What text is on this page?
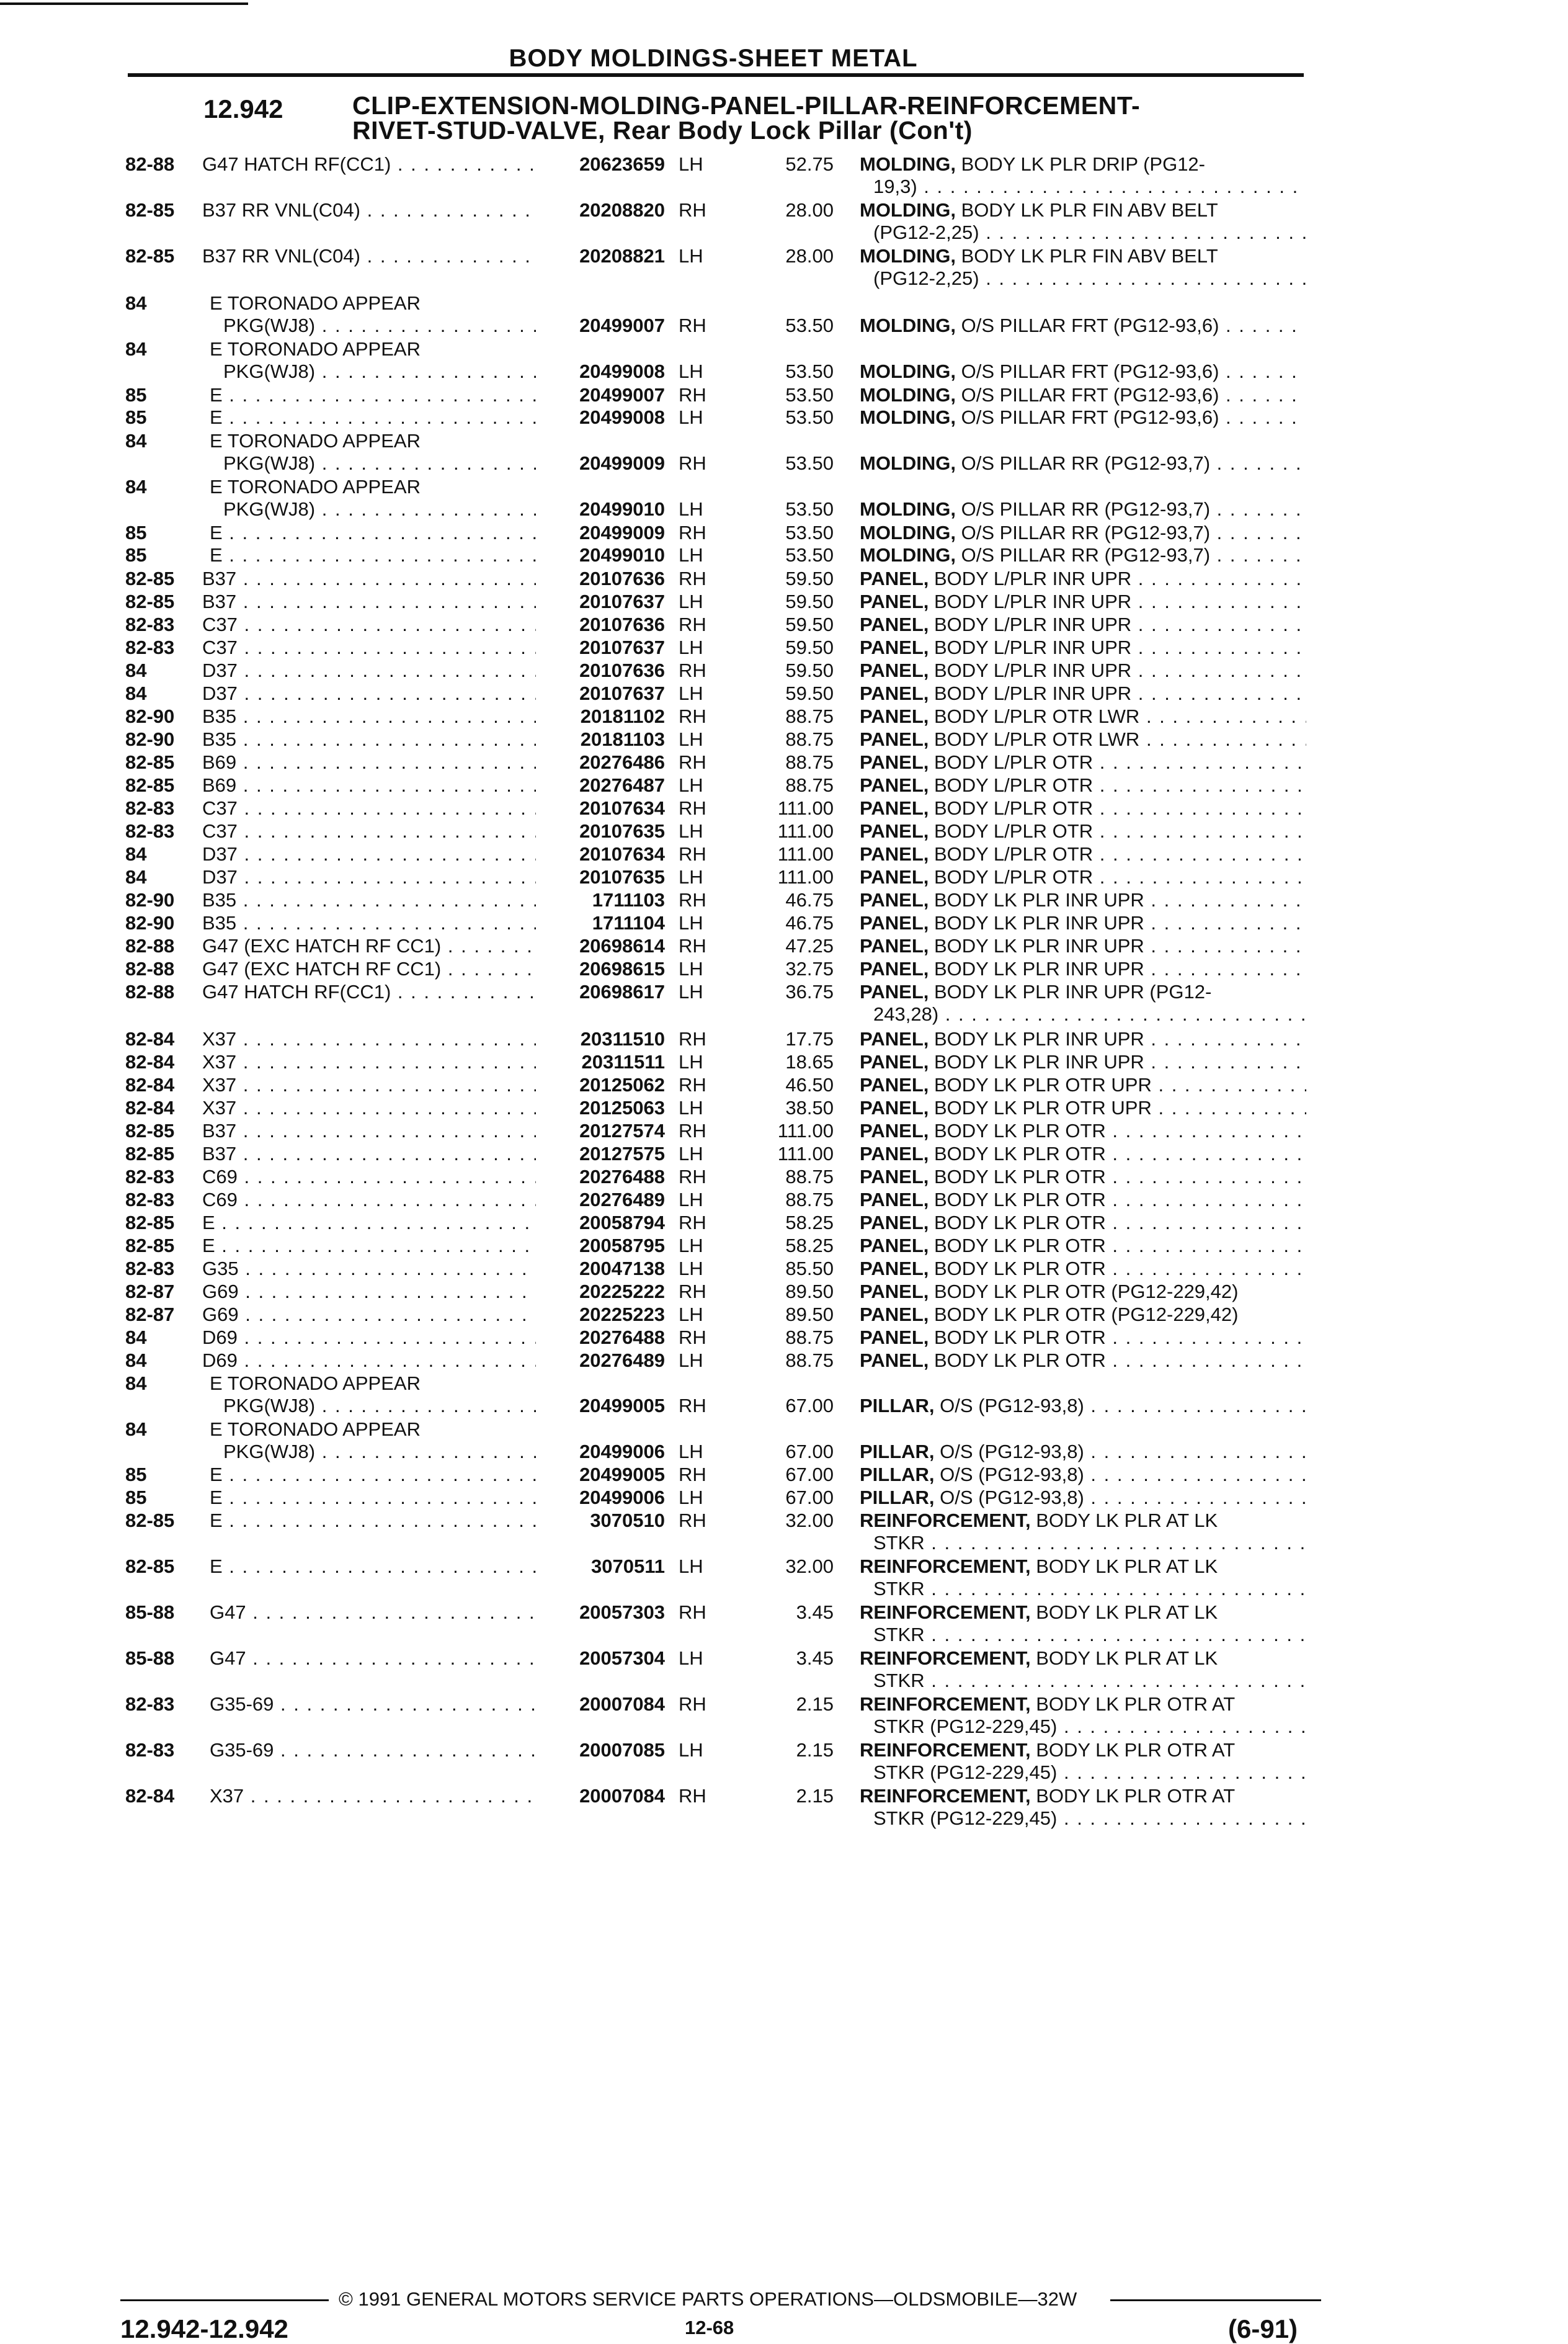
BODY MOLDINGS-SHEET METAL
12.942	CLIP-EXTENSION-MOLDING-PANEL-PILLAR-REINFORCEMENT-
RIVET-STUD-VALVE, Rear Body Lock Pillar (Con't)
82-88 G47 HATCH RF(CC1) . . .	20623659 LH	52.75 MOLDING, BODY LK PLR DRIP (PG12-
19,3) . . .
82-85 B37 RR VNL(C04) . . .	20208820 RH	28.00 MOLDING, BODY LK PLR FIN ABV BELT
(PG12-2,25) . . .
82-85 B37 RR VNL(C04) . . .	20208821 LH	28.00 MOLDING, BODY LK PLR FIN ABV BELT
(PG12-2,25) . . .
84	E TORONADO APPEAR
PKG(WJ8) . . .	20499007 RH	53.50 MOLDING, O/S PILLAR FRT (PG12-93,6) . . .
84	E TORONADO APPEAR
PKG(WJ8) . . .	20499008 LH	53.50 MOLDING, O/S PILLAR FRT (PG12-93,6) . . .
85	E . . .	20499007 RH	53.50 MOLDING, O/S PILLAR FRT (PG12-93,6) . . .
85	E . . .	20499008 LH	53.50 MOLDING, O/S PILLAR FRT (PG12-93,6) . . .
84	E TORONADO APPEAR
PKG(WJ8) . . .	20499009 RH	53.50 MOLDING, O/S PILLAR RR (PG12-93,7) . . .
84	E TORONADO APPEAR
PKG(WJ8) . . .	20499010 LH	53.50 MOLDING, O/S PILLAR RR (PG12-93,7) . . .
85	E . . .	20499009 RH	53.50 MOLDING, O/S PILLAR RR (PG12-93,7) . . .
85	E . . .	20499010 LH	53.50 MOLDING, O/S PILLAR RR (PG12-93,7) . . .
82-85 B37 . . .	20107636 RH	59.50 PANEL, BODY L/PLR INR UPR . . .
82-85 B37 . . .	20107637 LH	59.50 PANEL, BODY L/PLR INR UPR . . .
82-83 C37 . . .	20107636 RH	59.50 PANEL, BODY L/PLR INR UPR . . .
82-83 C37 . . .	20107637 LH	59.50 PANEL, BODY L/PLR INR UPR . . .
84	D37 . . .	20107636 RH	59.50 PANEL, BODY L/PLR INR UPR . . .
84	D37 . . .	20107637 LH	59.50 PANEL, BODY L/PLR INR UPR . . .
82-90 B35 . . .	20181102 RH	88.75 PANEL, BODY L/PLR OTR LWR . . .
82-90 B35 . . .	20181103 LH	88.75 PANEL, BODY L/PLR OTR LWR . . .
82-85 B69 . . .	20276486 RH	88.75 PANEL, BODY L/PLR OTR . . .
82-85 B69 . . .	20276487 LH	88.75 PANEL, BODY L/PLR OTR . . .
82-83 C37 . . .	20107634 RH	111.00 PANEL, BODY L/PLR OTR . . .
82-83 C37 . . .	20107635 LH	111.00 PANEL, BODY L/PLR OTR . . .
84	D37 . . .	20107634 RH	111.00 PANEL, BODY L/PLR OTR . . .
84	D37 . . .	20107635 LH	111.00 PANEL, BODY L/PLR OTR . . .
82-90 B35 . . .	1711103 RH	46.75 PANEL, BODY LK PLR INR UPR . . .
82-90 B35 . . .	1711104 LH	46.75 PANEL, BODY LK PLR INR UPR . . .
82-88 G47 (EXC HATCH RF CC1) . . .	20698614 RH	47.25 PANEL, BODY LK PLR INR UPR . . .
82-88 G47 (EXC HATCH RF CC1) . . .	20698615 LH	32.75 PANEL, BODY LK PLR INR UPR . . .
82-88 G47 HATCH RF(CC1) . . .	20698617 LH	36.75 PANEL, BODY LK PLR INR UPR (PG12-
243,28) . . .
82-84 X37 . . .	20311510 RH	17.75 PANEL, BODY LK PLR INR UPR . . .
82-84 X37 . . .	20311511 LH	18.65 PANEL, BODY LK PLR INR UPR . . .
82-84 X37 . . .	20125062 RH	46.50 PANEL, BODY LK PLR OTR UPR . . .
82-84 X37 . . .	20125063 LH	38.50 PANEL, BODY LK PLR OTR UPR . . .
82-85 B37 . . .	20127574 RH	111.00 PANEL, BODY LK PLR OTR . . .
82-85 B37 . . .	20127575 LH	111.00 PANEL, BODY LK PLR OTR . . .
82-83 C69 . . .	20276488 RH	88.75 PANEL, BODY LK PLR OTR . . .
82-83 C69 . . .	20276489 LH	88.75 PANEL, BODY LK PLR OTR . . .
82-85 E . . .	20058794 RH	58.25 PANEL, BODY LK PLR OTR . . .
82-85 E . . .	20058795 LH	58.25 PANEL, BODY LK PLR OTR . . .
82-83 G35 . . .	20047138 LH	85.50 PANEL, BODY LK PLR OTR . . .
82-87 G69 . . .	20225222 RH	89.50 PANEL, BODY LK PLR OTR (PG12-229,42)
82-87 G69 . . .	20225223 LH	89.50 PANEL, BODY LK PLR OTR (PG12-229,42)
84	D69 . . .	20276488 RH	88.75 PANEL, BODY LK PLR OTR . . .
84	D69 . . .	20276489 LH	88.75 PANEL, BODY LK PLR OTR . . .
84	E TORONADO APPEAR
PKG(WJ8) . . .	20499005 RH	67.00 PILLAR, O/S (PG12-93,8) . . .
84	E TORONADO APPEAR
PKG(WJ8) . . .	20499006 LH	67.00 PILLAR, O/S (PG12-93,8) . . .
85	E . . .	20499005 RH	67.00 PILLAR, O/S (PG12-93,8) . . .
85	E . . .	20499006 LH	67.00 PILLAR, O/S (PG12-93,8) . . .
82-85 E . . .	3070510 RH	32.00 REINFORCEMENT, BODY LK PLR AT LK
STKR . . .
82-85 E . . .	3070511 LH	32.00 REINFORCEMENT, BODY LK PLR AT LK
STKR . . .
85-88 G47 . . .	20057303 RH	3.45 REINFORCEMENT, BODY LK PLR AT LK
STKR . . .
85-88 G47 . . .	20057304 LH	3.45 REINFORCEMENT, BODY LK PLR AT LK
STKR . . .
82-83 G35-69 . . .	20007084 RH	2.15 REINFORCEMENT, BODY LK PLR OTR AT
STKR (PG12-229,45) . . .
82-83 G35-69 . . .	20007085 LH	2.15 REINFORCEMENT, BODY LK PLR OTR AT
STKR (PG12-229,45) . . .
82-84 X37 . . .	20007084 RH	2.15 REINFORCEMENT, BODY LK PLR OTR AT
STKR (PG12-229,45) . . .
© 1991 GENERAL MOTORS SERVICE PARTS OPERATIONS—OLDSMOBILE—32W
12.942-12.942	12-68	(6-91)
